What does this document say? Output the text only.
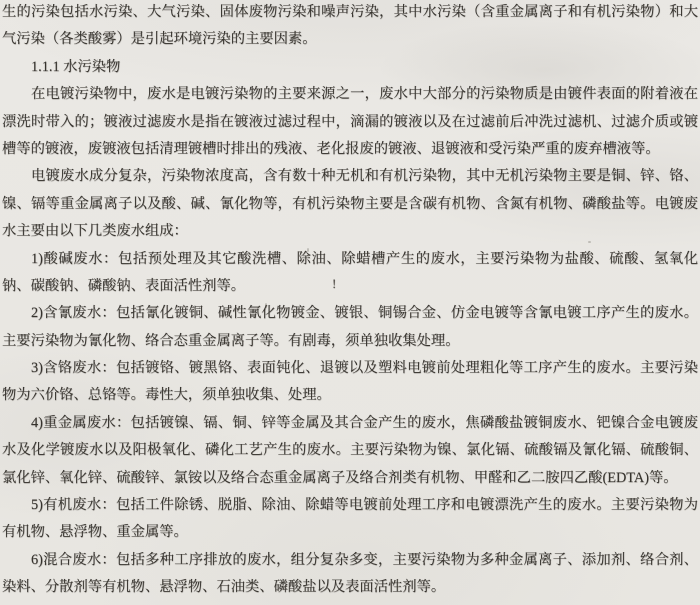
生的污染包括水污染、大气污染、固体废物污染和噪声污染，其中水污染（含重金属离子和有机污染物）和大
气污染（各类酸雾）是引起环境污染的主要因素。
1.1.1 水污染物
在电镀污染物中，废水是电镀污染物的主要来源之一，废水中大部分的污染物质是由镀件表面的附着液在
漂洗时带入的；镀液过滤废水是指在镀液过滤过程中，滴漏的镀液以及在过滤前后冲洗过滤机、过滤介质或镀
槽等的镀液，废镀液包括清理镀槽时排出的残液、老化报废的镀液、退镀液和受污染严重的废弃槽液等。
电镀废水成分复杂，污染物浓度高，含有数十种无机和有机污染物，其中无机污染物主要是铜、锌、铬、
镍、镉等重金属离子以及酸、碱、氰化物等，有机污染物主要是含碳有机物、含氮有机物、磷酸盐等。电镀废
水主要由以下几类废水组成：
1)酸碱废水：包括预处理及其它酸洗槽、除油、除蜡槽产生的废水，主要污染物为盐酸、硫酸、氢氧化
钠、碳酸钠、磷酸钠、表面活性剂等。
2)含氰废水：包括氰化镀铜、碱性氰化物镀金、镀银、铜锡合金、仿金电镀等含氰电镀工序产生的废水。
主要污染物为氰化物、络合态重金属离子等。有剧毒，须单独收集处理。
3)含铬废水：包括镀铬、镀黑铬、表面钝化、退镀以及塑料电镀前处理粗化等工序产生的废水。主要污染
物为六价铬、总铬等。毒性大，须单独收集、处理。
4)重金属废水：包括镀镍、镉、铜、锌等金属及其合金产生的废水，焦磷酸盐镀铜废水、钯镍合金电镀废
水及化学镀废水以及阳极氧化、磷化工艺产生的废水。主要污染物为镍、氯化镉、硫酸镉及氰化镉、硫酸铜、
氯化锌、氧化锌、硫酸锌、氯铵以及络合态重金属离子及络合剂类有机物、甲醛和乙二胺四乙酸(EDTA)等。
5)有机废水：包括工件除锈、脱脂、除油、除蜡等电镀前处理工序和电镀漂洗产生的废水。主要污染物为
有机物、悬浮物、重金属等。
6)混合废水：包括多种工序排放的废水，组分复杂多变，主要污染物为多种金属离子、添加剂、络合剂、
染料、分散剂等有机物、悬浮物、石油类、磷酸盐以及表面活性剂等。
!
